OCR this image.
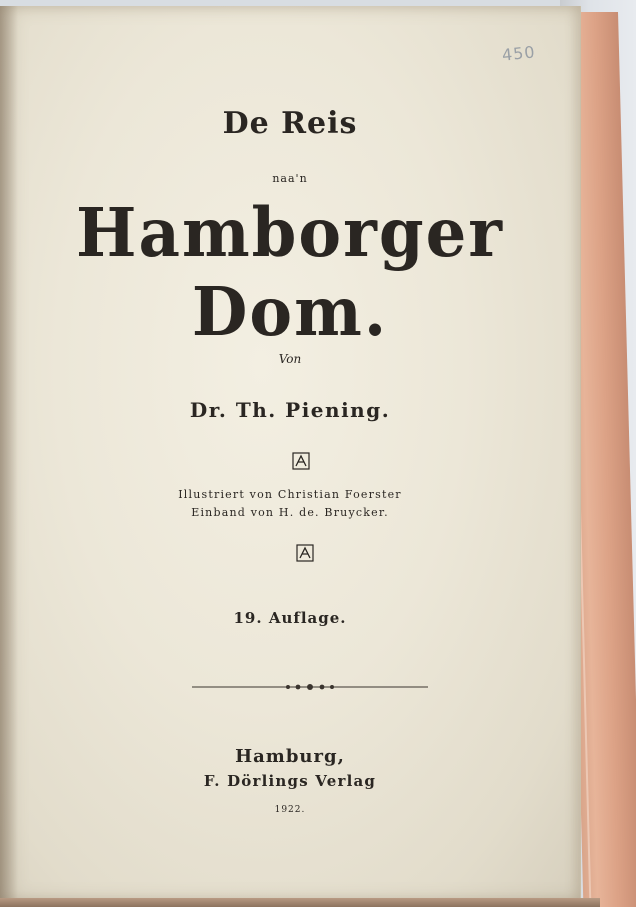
450
De Reis
naa'n
Hamborger Dom.
Von
Dr. Th. Piening.
Illustriert von Christian Foerster
Einband von H. de. Bruycker.
19. Auflage.
Hamburg,
F. Dörlings Verlag
1922.
